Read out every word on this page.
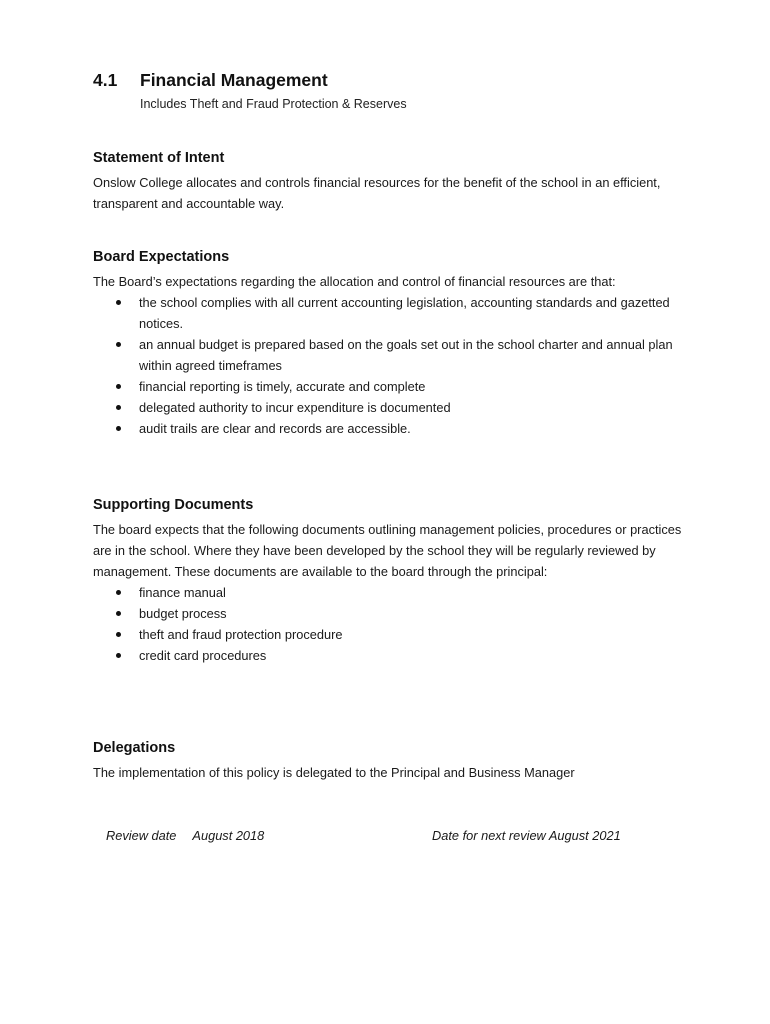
4.1 Financial Management
Includes Theft and Fraud Protection & Reserves
Statement of Intent

Onslow College allocates and controls financial resources for the benefit of the school in an efficient, transparent and accountable way.

Board Expectations

The Board’s expectations regarding the allocation and control of financial resources are that:

the school complies with all current accounting legislation, accounting standards and gazetted notices.
an annual budget is prepared based on the goals set out in the school charter and annual plan within agreed timeframes
financial reporting is timely, accurate and complete
delegated authority to incur expenditure is documented
audit trails are clear and records are accessible.
Supporting Documents

The board expects that the following documents outlining management policies, procedures or practices are in the school. Where they have been developed by the school they will be regularly reviewed by management. These documents are available to the board through the principal:

finance manual
budget process
theft and fraud protection procedure
credit card procedures
Delegations

The implementation of this policy is delegated to the Principal and Business Manager

Review date August 2018	Date for next review August 2021
